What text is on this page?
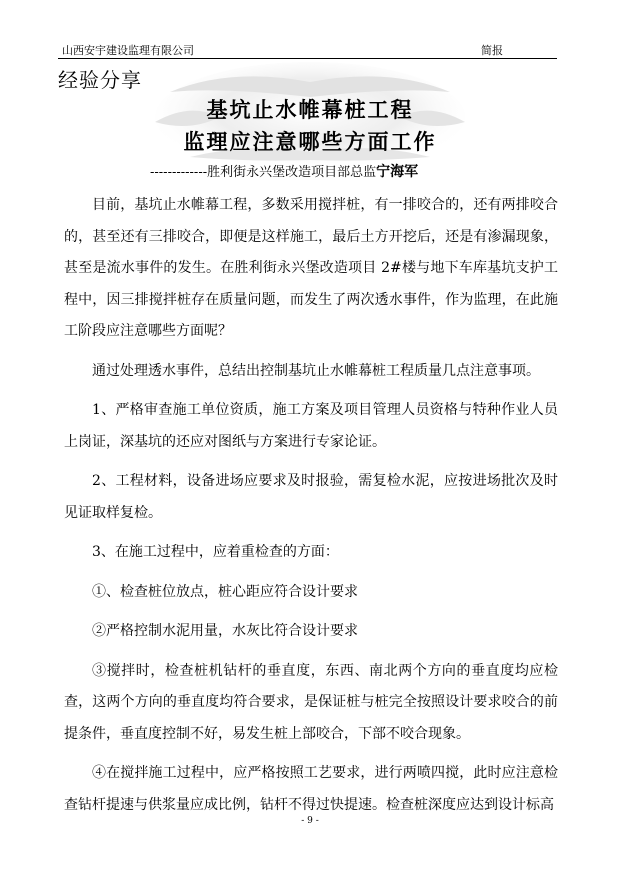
山西安宇建设监理有限公司	简报
经验分享
基坑止水帷幕桩工程
监理应注意哪些方面工作
-------------胜利街永兴堡改造项目部总监宁海军

目前，基坑止水帷幕工程，多数采用搅拌桩，有一排咬合的，还有两排咬合的，甚至还有三排咬合，即便是这样施工，最后土方开挖后，还是有渗漏现象，甚至是流水事件的发生。在胜利街永兴堡改造项目 2#楼与地下车库基坑支护工程中，因三排搅拌桩存在质量问题，而发生了两次透水事件，作为监理，在此施工阶段应注意哪些方面呢？

通过处理透水事件，总结出控制基坑止水帷幕桩工程质量几点注意事项。

1、严格审查施工单位资质，施工方案及项目管理人员资格与特种作业人员上岗证，深基坑的还应对图纸与方案进行专家论证。

2、工程材料，设备进场应要求及时报验，需复检水泥，应按进场批次及时见证取样复检。

3、在施工过程中，应着重检查的方面：

①、检查桩位放点，桩心距应符合设计要求

②严格控制水泥用量，水灰比符合设计要求

③搅拌时，检查桩机钻杆的垂直度，东西、南北两个方向的垂直度均应检查，这两个方向的垂直度均符合要求，是保证桩与桩完全按照设计要求咬合的前提条件，垂直度控制不好，易发生桩上部咬合，下部不咬合现象。

④在搅拌施工过程中，应严格按照工艺要求，进行两喷四搅，此时应注意检查钻杆提速与供浆量应成比例，钻杆不得过快提速。检查桩深度应达到设计标高

- 9 -
